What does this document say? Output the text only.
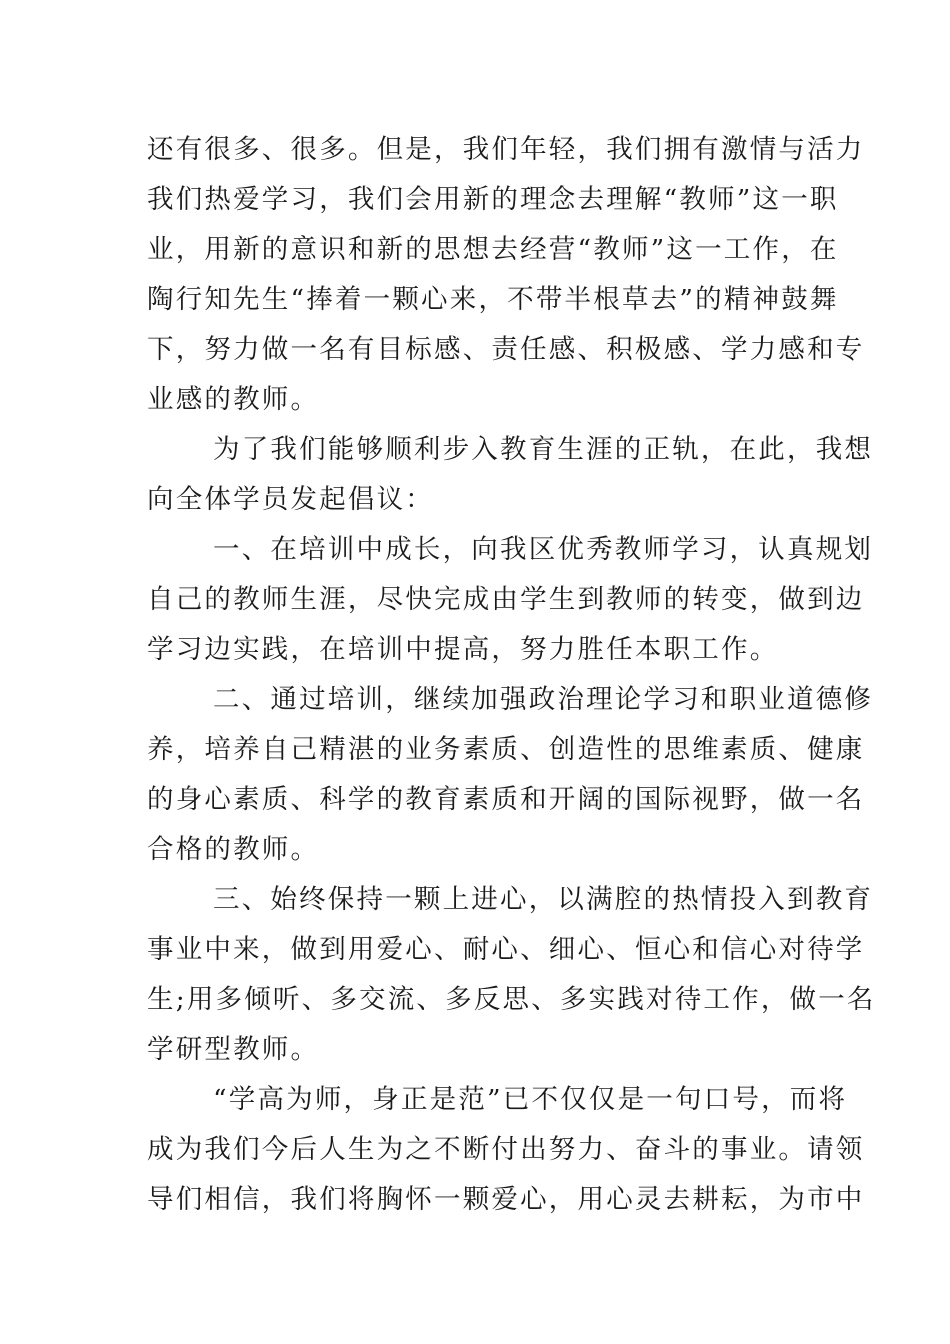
还有很多、很多。但是，我们年轻，我们拥有激情与活力
我们热爱学习，我们会用新的理念去理解“教师”这一职
业，用新的意识和新的思想去经营“教师”这一工作，在
陶行知先生“捧着一颗心来，不带半根草去”的精神鼓舞
下，努力做一名有目标感、责任感、积极感、学力感和专
业感的教师。
为了我们能够顺利步入教育生涯的正轨，在此，我想
向全体学员发起倡议：
一、在培训中成长，向我区优秀教师学习，认真规划
自己的教师生涯，尽快完成由学生到教师的转变，做到边
学习边实践，在培训中提高，努力胜任本职工作。
二、通过培训，继续加强政治理论学习和职业道德修
养，培养自己精湛的业务素质、创造性的思维素质、健康
的身心素质、科学的教育素质和开阔的国际视野，做一名
合格的教师。
三、始终保持一颗上进心，以满腔的热情投入到教育
事业中来，做到用爱心、耐心、细心、恒心和信心对待学
生;用多倾听、多交流、多反思、多实践对待工作，做一名
学研型教师。
“学高为师，身正是范”已不仅仅是一句口号，而将
成为我们今后人生为之不断付出努力、奋斗的事业。请领
导们相信，我们将胸怀一颗爱心，用心灵去耕耘，为市中
